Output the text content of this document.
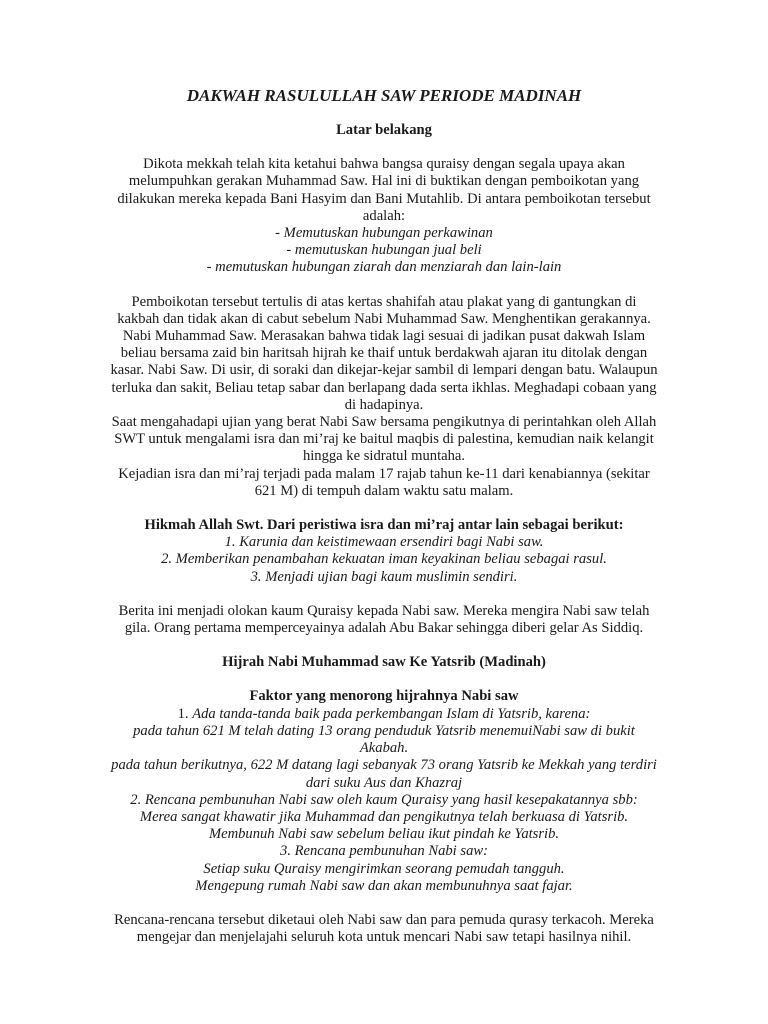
DAKWAH RASULULLAH SAW PERIODE MADINAH

Latar belakang

Dikota mekkah telah kita ketahui bahwa bangsa quraisy dengan segala upaya akan

melumpuhkan gerakan Muhammad Saw. Hal ini di buktikan dengan pemboikotan yang

dilakukan mereka kepada Bani Hasyim dan Bani Mutahlib. Di antara pemboikotan tersebut

adalah:

- Memutuskan hubungan perkawinan

- memutuskan hubungan jual beli

- memutuskan hubungan ziarah dan menziarah dan lain-lain

Pemboikotan tersebut tertulis di atas kertas shahifah atau plakat yang di gantungkan di

kakbah dan tidak akan di cabut sebelum Nabi Muhammad Saw. Menghentikan gerakannya.

Nabi Muhammad Saw. Merasakan bahwa tidak lagi sesuai di jadikan pusat dakwah Islam

beliau bersama zaid bin haritsah hijrah ke thaif untuk berdakwah ajaran itu ditolak dengan

kasar. Nabi Saw. Di usir, di soraki dan dikejar-kejar sambil di lempari dengan batu. Walaupun

terluka dan sakit, Beliau tetap sabar dan berlapang dada serta ikhlas. Meghadapi cobaan yang

di hadapinya.

Saat mengahadapi ujian yang berat Nabi Saw bersama pengikutnya di perintahkan oleh Allah

SWT untuk mengalami isra dan mi’raj ke baitul maqbis di palestina, kemudian naik kelangit

hingga ke sidratul muntaha.

Kejadian isra dan mi’raj terjadi pada malam 17 rajab tahun ke-11 dari kenabiannya (sekitar

621 M) di tempuh dalam waktu satu malam.

Hikmah Allah Swt. Dari peristiwa isra dan mi’raj antar lain sebagai berikut:

1. Karunia dan keistimewaan ersendiri bagi Nabi saw.

2. Memberikan penambahan kekuatan iman keyakinan beliau sebagai rasul.

3. Menjadi ujian bagi kaum muslimin sendiri.

Berita ini menjadi olokan kaum Quraisy kepada Nabi saw. Mereka mengira Nabi saw telah

gila. Orang pertama memperceyainya adalah Abu Bakar sehingga diberi gelar As Siddiq.

Hijrah Nabi Muhammad saw Ke Yatsrib (Madinah)

Faktor yang menorong hijrahnya Nabi saw

1. Ada tanda-tanda baik pada perkembangan Islam di Yatsrib, karena:

pada tahun 621 M telah dating 13 orang penduduk Yatsrib menemuiNabi saw di bukit

Akabah.

pada tahun berikutnya, 622 M datang lagi sebanyak 73 orang Yatsrib ke Mekkah yang terdiri

dari suku Aus dan Khazraj

2. Rencana pembunuhan Nabi saw oleh kaum Quraisy yang hasil kesepakatannya sbb:

Merea sangat khawatir jika Muhammad dan pengikutnya telah berkuasa di Yatsrib.

Membunuh Nabi saw sebelum beliau ikut pindah ke Yatsrib.

3. Rencana pembunuhan Nabi saw:

Setiap suku Quraisy mengirimkan seorang pemudah tangguh.

Mengepung rumah Nabi saw dan akan membunuhnya saat fajar.

Rencana-rencana tersebut diketaui oleh Nabi saw dan para pemuda qurasy terkacoh. Mereka

mengejar dan menjelajahi seluruh kota untuk mencari Nabi saw tetapi hasilnya nihil.
